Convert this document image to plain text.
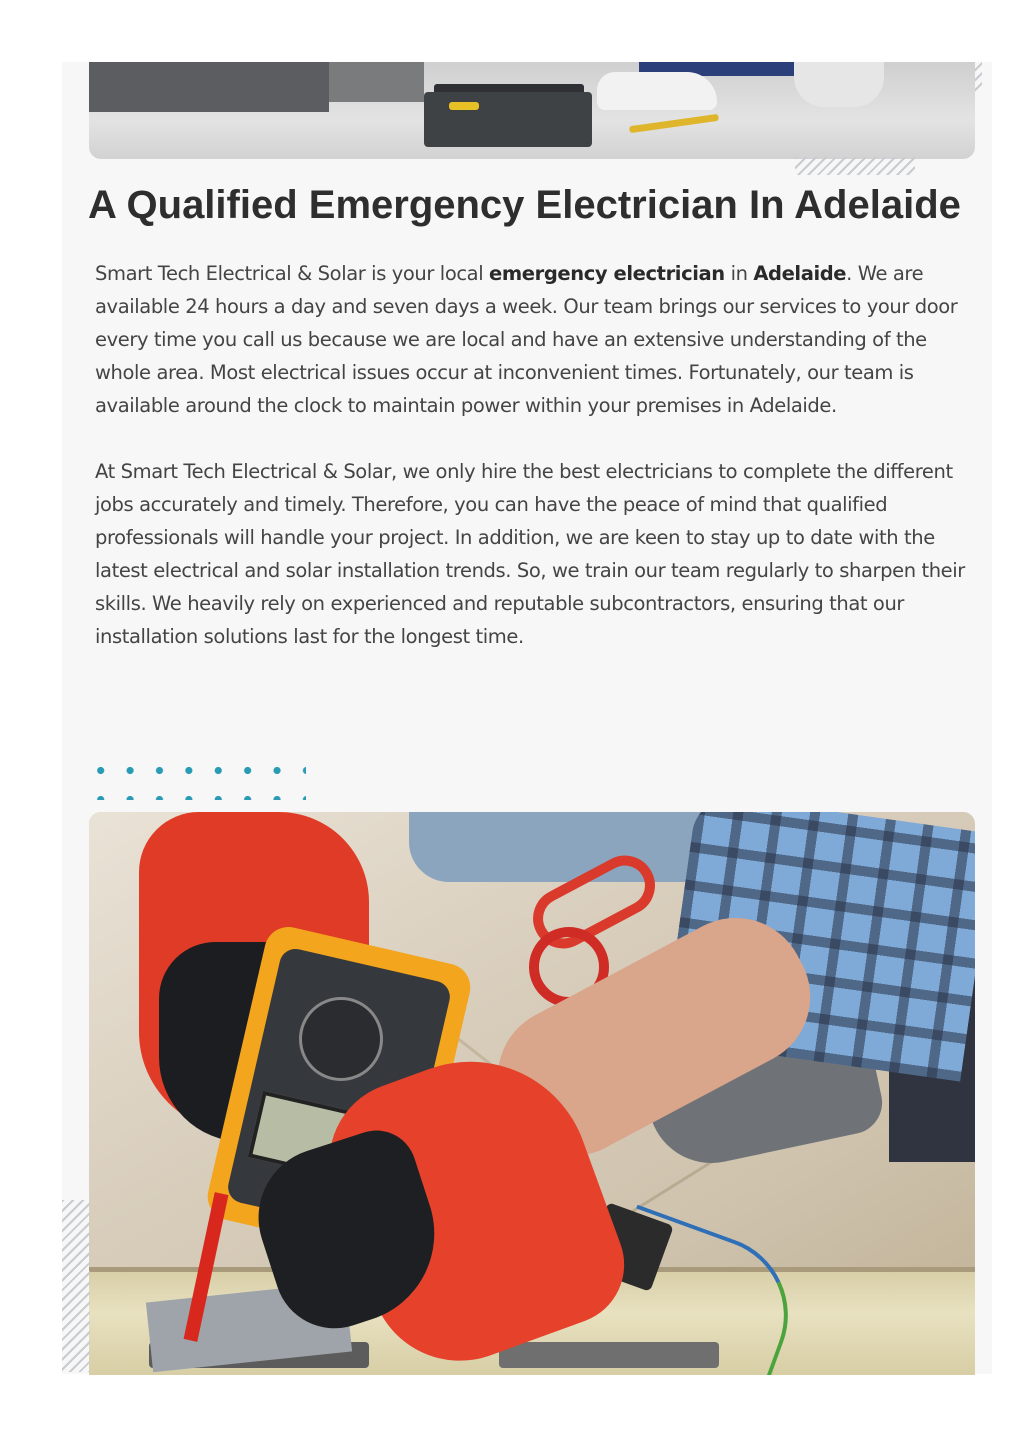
A Qualified Emergency Electrician In Adelaide

Smart Tech Electrical & Solar is your local emergency electrician in Adelaide. We are available 24 hours a day and seven days a week. Our team brings our services to your door every time you call us because we are local and have an extensive understanding of the whole area. Most electrical issues occur at inconvenient times. Fortunately, our team is available around the clock to maintain power within your premises in Adelaide.

At Smart Tech Electrical & Solar, we only hire the best electricians to complete the different jobs accurately and timely. Therefore, you can have the peace of mind that qualified professionals will handle your project. In addition, we are keen to stay up to date with the latest electrical and solar installation trends. So, we train our team regularly to sharpen their skills. We heavily rely on experienced and reputable subcontractors, ensuring that our installation solutions last for the longest time.
